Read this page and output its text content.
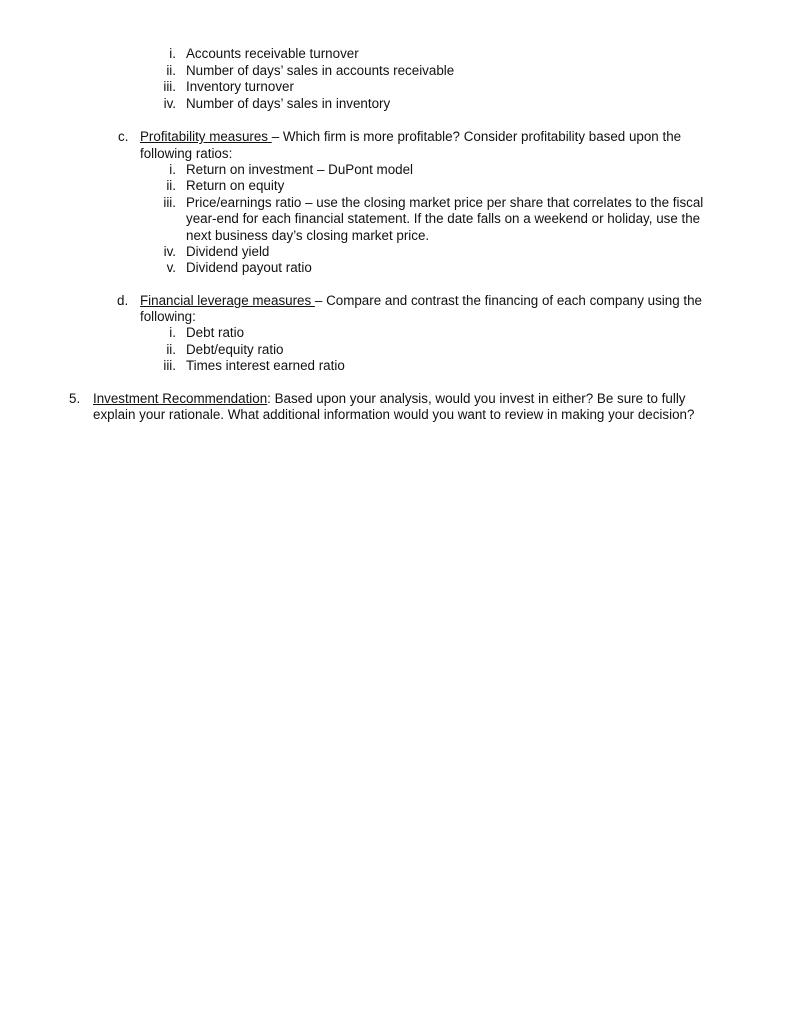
i. Accounts receivable turnover
ii. Number of days’ sales in accounts receivable
iii. Inventory turnover
iv. Number of days’ sales in inventory
c. Profitability measures – Which firm is more profitable? Consider profitability based upon the
following ratios:
i. Return on investment – DuPont model
ii. Return on equity
iii. Price/earnings ratio – use the closing market price per share that correlates to the fiscal
year-end for each financial statement. If the date falls on a weekend or holiday, use the
next business day’s closing market price.
iv. Dividend yield
v. Dividend payout ratio
d. Financial leverage measures – Compare and contrast the financing of each company using the
following:
i. Debt ratio
ii. Debt/equity ratio
iii. Times interest earned ratio
5. Investment Recommendation: Based upon your analysis, would you invest in either? Be sure to fully
explain your rationale. What additional information would you want to review in making your decision?
